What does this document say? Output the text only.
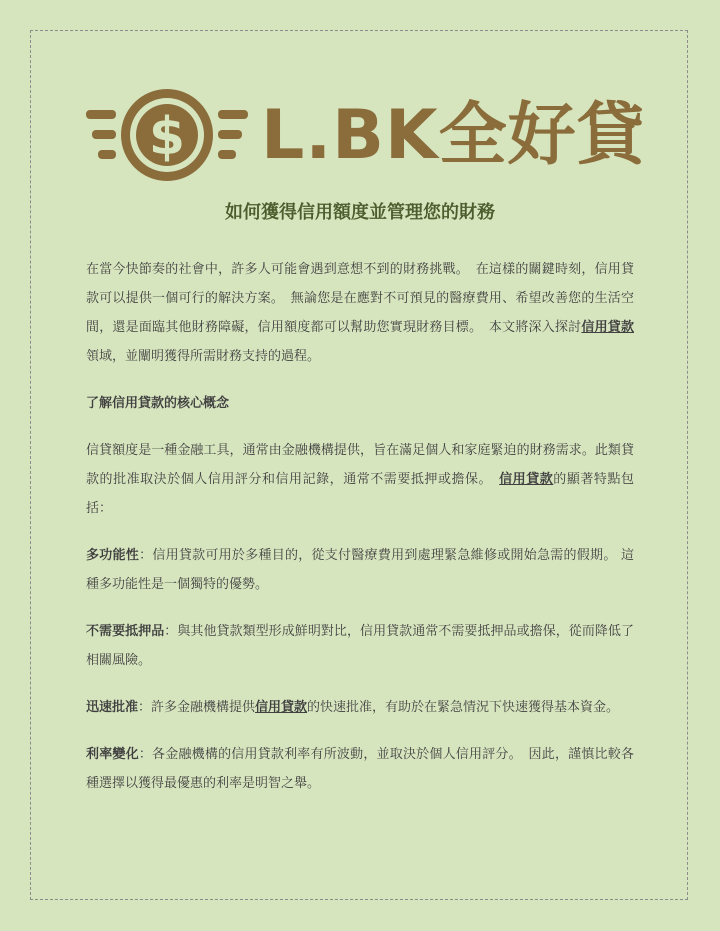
$ L.BK全好貸
如何獲得信用額度並管理您的財務

在當今快節奏的社會中，許多人可能會遇到意想不到的財務挑戰。　在這樣的關鍵時刻，信用貸款可以提供一個可行的解決方案。　無論您是在應對不可預見的醫療費用、希望改善您的生活空間，還是面臨其他財務障礙，信用額度都可以幫助您實現財務目標。　本文將深入探討信用貸款領域，並闡明獲得所需財務支持的過程。

了解信用貸款的核心概念

信貸額度是一種金融工具，通常由金融機構提供，旨在滿足個人和家庭緊迫的財務需求。此類貸款的批准取決於個人信用評分和信用記錄，通常不需要抵押或擔保。　信用貸款的顯著特點包括：

多功能性：信用貸款可用於多種目的，從支付醫療費用到處理緊急維修或開始急需的假期。 這種多功能性是一個獨特的優勢。

不需要抵押品：與其他貸款類型形成鮮明對比，信用貸款通常不需要抵押品或擔保，從而降低了相關風險。

迅速批准：許多金融機構提供信用貸款的快速批准，有助於在緊急情況下快速獲得基本資金。

利率變化：各金融機構的信用貸款利率有所波動，並取決於個人信用評分。　因此，謹慎比較各種選擇以獲得最優惠的利率是明智之舉。
